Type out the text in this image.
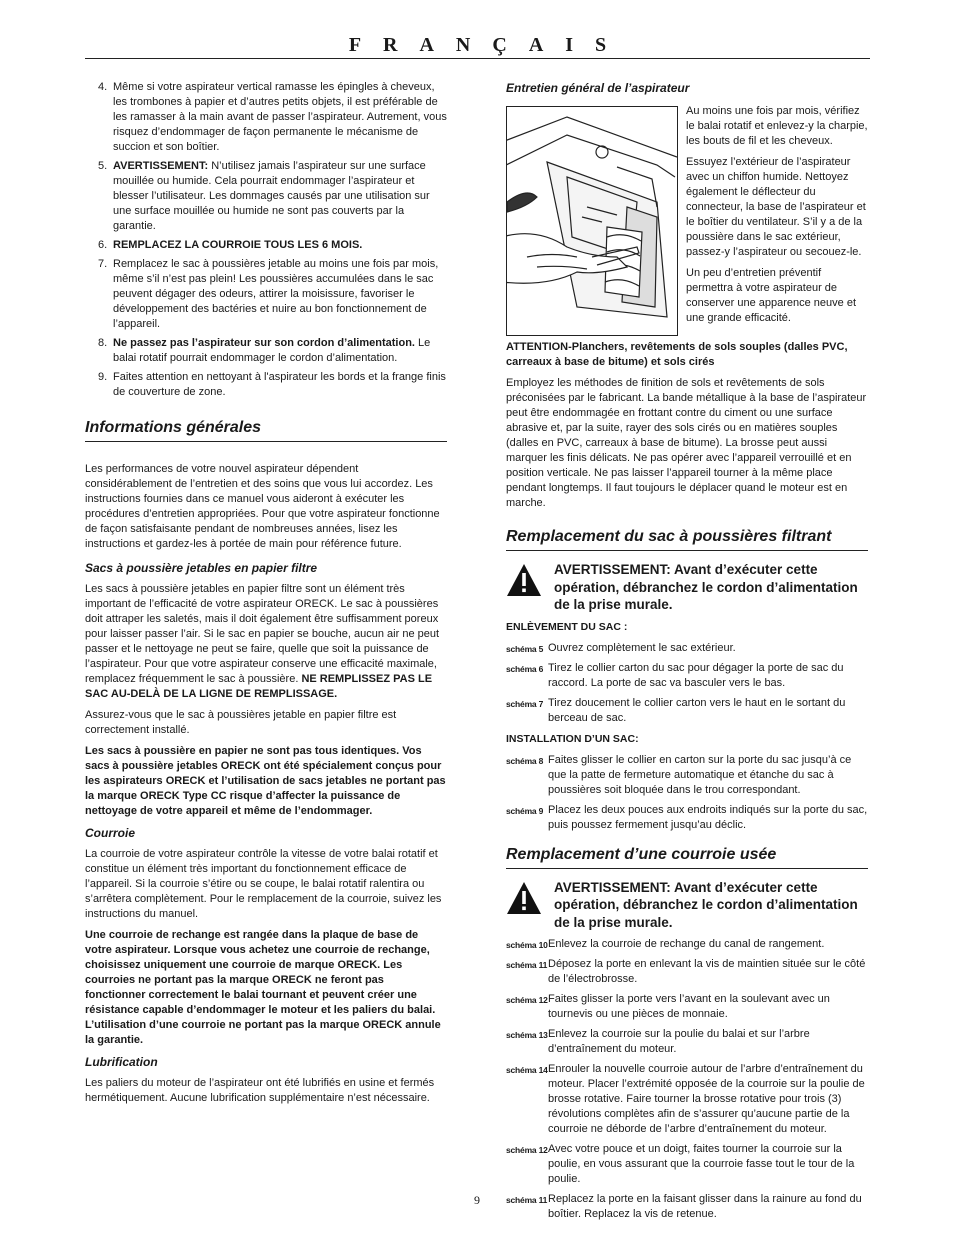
FRANÇAIS
4. Même si votre aspirateur vertical ramasse les épingles à cheveux, les trombones à papier et d’autres petits objets, il est préférable de les ramasser à la main avant de passer l’aspirateur. Autrement, vous risquez d’endommager de façon permanente le mécanisme de succion et son boîtier.
5. AVERTISSEMENT: N’utilisez jamais l’aspirateur sur une surface mouillée ou humide. Cela pourrait endommager l’aspirateur et blesser l’utilisateur. Les dommages causés par une utilisation sur une surface mouillée ou humide ne sont pas couverts par la garantie.
6. REMPLACEZ LA COURROIE TOUS LES 6 MOIS.
7. Remplacez le sac à poussières jetable au moins une fois par mois, même s’il n’est pas plein! Les poussières accumulées dans le sac peuvent dégager des odeurs, attirer la moisissure, favoriser le développement des bactéries et nuire au bon fonctionnement de l’appareil.
8. Ne passez pas l’aspirateur sur son cordon d’alimentation. Le balai rotatif pourrait endommager le cordon d’alimentation.
9. Faites attention en nettoyant à l'aspirateur les bords et la frange finis de couverture de zone.
Informations générales

Les performances de votre nouvel aspirateur dépendent considérablement de l’entretien et des soins que vous lui accordez. Les instructions fournies dans ce manuel vous aideront à exécuter les procédures d’entretien appropriées. Pour que votre aspirateur fonctionne de façon satisfaisante pendant de nombreuses années, lisez les instructions et gardez-les à portée de main pour référence future.

Sacs à poussière jetables en papier filtre

Les sacs à poussière jetables en papier filtre sont un élément très important de l’efficacité de votre aspirateur ORECK. Le sac à poussières doit attraper les saletés, mais il doit également être suffisamment poreux pour laisser passer l’air. Si le sac en papier se bouche, aucun air ne peut passer et le nettoyage ne peut se faire, quelle que soit la puissance de l’aspirateur. Pour que votre aspirateur conserve une efficacité maximale, remplacez fréquemment le sac à poussière. NE REMPLISSEZ PAS LE SAC AU-DELÀ DE LA LIGNE DE REMPLISSAGE.

Assurez-vous que le sac à poussières jetable en papier filtre est correctement installé.

Les sacs à poussière en papier ne sont pas tous identiques. Vos sacs à poussière jetables ORECK ont été spécialement conçus pour les aspirateurs ORECK et l’utilisation de sacs jetables ne portant pas la marque ORECK Type CC risque d’affecter la puissance de nettoyage de votre appareil et même de l’endommager.

Courroie

La courroie de votre aspirateur contrôle la vitesse de votre balai rotatif et constitue un élément très important du fonctionnement efficace de l’appareil. Si la courroie s’étire ou se coupe, le balai rotatif ralentira ou s’arrêtera complètement. Pour le remplacement de la courroie, suivez les instructions du manuel.

Une courroie de rechange est rangée dans la plaque de base de votre aspirateur. Lorsque vous achetez une courroie de rechange, choisissez uniquement une courroie de marque ORECK. Les courroies ne portant pas la marque ORECK ne feront pas fonctionner correctement le balai tournant et peuvent créer une résistance capable d’endommager le moteur et les paliers du balai. L’utilisation d’une courroie ne portant pas la marque ORECK annule la garantie.

Lubrification

Les paliers du moteur de l’aspirateur ont été lubrifiés en usine et fermés hermétiquement. Aucune lubrification supplémentaire n’est nécessaire.

Entretien général de l’aspirateur

Au moins une fois par mois, vérifiez le balai rotatif et enlevez-y la charpie, les bouts de fil et les cheveux.

Essuyez l’extérieur de l’aspirateur avec un chiffon humide. Nettoyez également le déflecteur du connecteur, la base de l’aspirateur et le boîtier du ventilateur. S’il y a de la poussière dans le sac extérieur, passez-y l’aspirateur ou secouez-le.

Un peu d’entretien préventif permettra à votre aspirateur de conserver une apparence neuve et une grande efficacité.

ATTENTION-Planchers, revêtements de sols souples (dalles PVC, carreaux à base de bitume) et sols cirés

Employez les méthodes de finition de sols et revêtements de sols préconisées par le fabricant. La bande métallique à la base de l’aspirateur peut être endommagée en frottant contre du ciment ou une surface abrasive et, par la suite, rayer des sols cirés ou en matières souples (dalles en PVC, carreaux à base de bitume). La brosse peut aussi marquer les finis délicats. Ne pas opérer avec l’appareil verrouillé et en position verticale. Ne pas laisser l’appareil tourner à la même place pendant longtemps. Il faut toujours le déplacer quand le moteur est en marche.

Remplacement du sac à poussières filtrant
AVERTISSEMENT: Avant d’exécuter cette opération, débranchez le cordon d’alimentation de la prise murale.

ENLÈVEMENT DU SAC :

schéma 5 Ouvrez complètement le sac extérieur.
schéma 6 Tirez le collier carton du sac pour dégager la porte de sac du raccord. La porte de sac va basculer vers le bas.
schéma 7 Tirez doucement le collier carton vers le haut en le sortant du berceau de sac.

INSTALLATION D’UN SAC:

schéma 8 Faites glisser le collier en carton sur la porte du sac jusqu’à ce que la patte de fermeture automatique et étanche du sac à poussières soit bloquée dans le trou correspondant.
schéma 9 Placez les deux pouces aux endroits indiqués sur la porte du sac, puis poussez fermement jusqu’au déclic.
Remplacement d’une courroie usée
AVERTISSEMENT: Avant d’exécuter cette opération, débranchez le cordon d’alimentation de la prise murale.
schéma 10 Enlevez la courroie de rechange du canal de rangement.
schéma 11 Déposez la porte en enlevant la vis de maintien située sur le côté de l’électrobrosse.
schéma 12 Faites glisser la porte vers l’avant en la soulevant avec un tournevis ou une pièces de monnaie.
schéma 13 Enlevez la courroie sur la poulie du balai et sur l’arbre d’entraînement du moteur.
schéma 14 Enrouler la nouvelle courroie autour de l’arbre d’entraînement du moteur. Placer l’extrémité opposée de la courroie sur la poulie de brosse rotative. Faire tourner la brosse rotative pour trois (3) révolutions complètes afin de s’assurer qu’aucune partie de la courroie ne déborde de l’arbre d’entraînement du moteur.
schéma 12 Avec votre pouce et un doigt, faites tourner la courroie sur la poulie, en vous assurant que la courroie fasse tout le tour de la poulie.
schéma 11 Replacez la porte en la faisant glisser dans la rainure au fond du boîtier. Replacez la vis de retenue.
9
